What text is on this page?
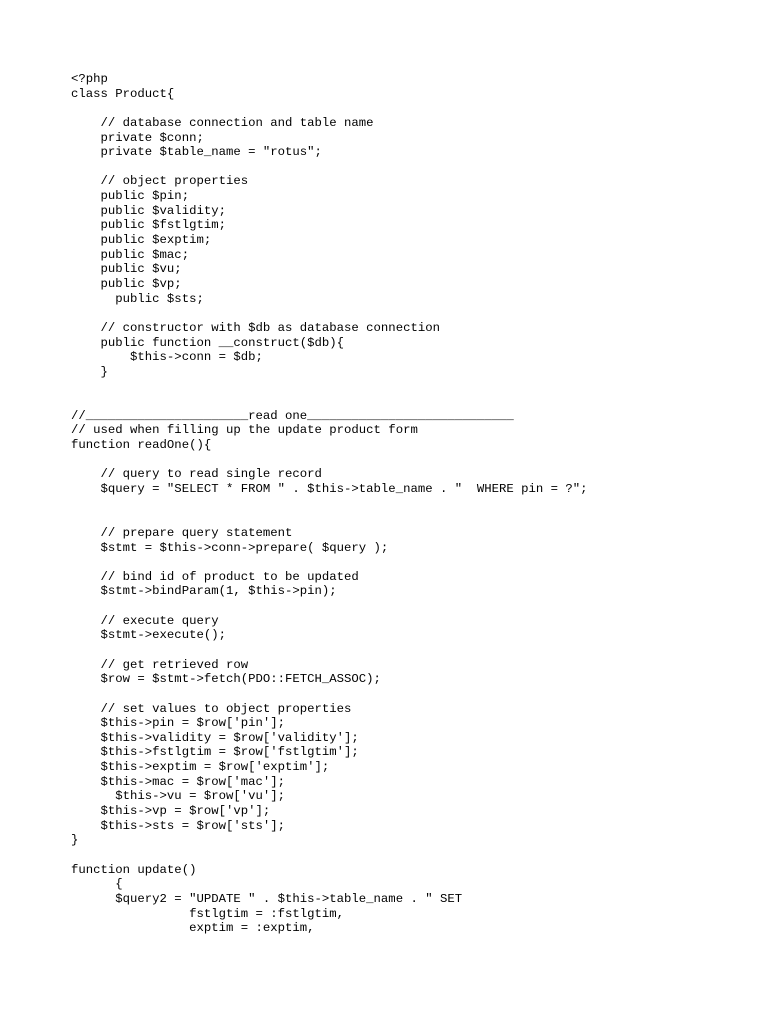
<?php
class Product{
// database connection and table name
private $conn;
private $table_name = "rotus";
// object properties
public $pin;
public $validity;
public $fstlgtim;
public $exptim;
public $mac;
public $vu;
public $vp;
public $sts;
// constructor with $db as database connection
public function __construct($db){
$this->conn = $db;
}
//______________________read one____________________________
// used when filling up the update product form
function readOne(){
// query to read single record
$query = "SELECT * FROM " . $this->table_name . "  WHERE pin = ?";
// prepare query statement
$stmt = $this->conn->prepare( $query );
// bind id of product to be updated
$stmt->bindParam(1, $this->pin);
// execute query
$stmt->execute();
// get retrieved row
$row = $stmt->fetch(PDO::FETCH_ASSOC);
// set values to object properties
$this->pin = $row['pin'];
$this->validity = $row['validity'];
$this->fstlgtim = $row['fstlgtim'];
$this->exptim = $row['exptim'];
$this->mac = $row['mac'];
$this->vu = $row['vu'];
$this->vp = $row['vp'];
$this->sts = $row['sts'];
}
function update()
{
$query2 = "UPDATE " . $this->table_name . " SET
fstlgtim = :fstlgtim,
exptim = :exptim,
